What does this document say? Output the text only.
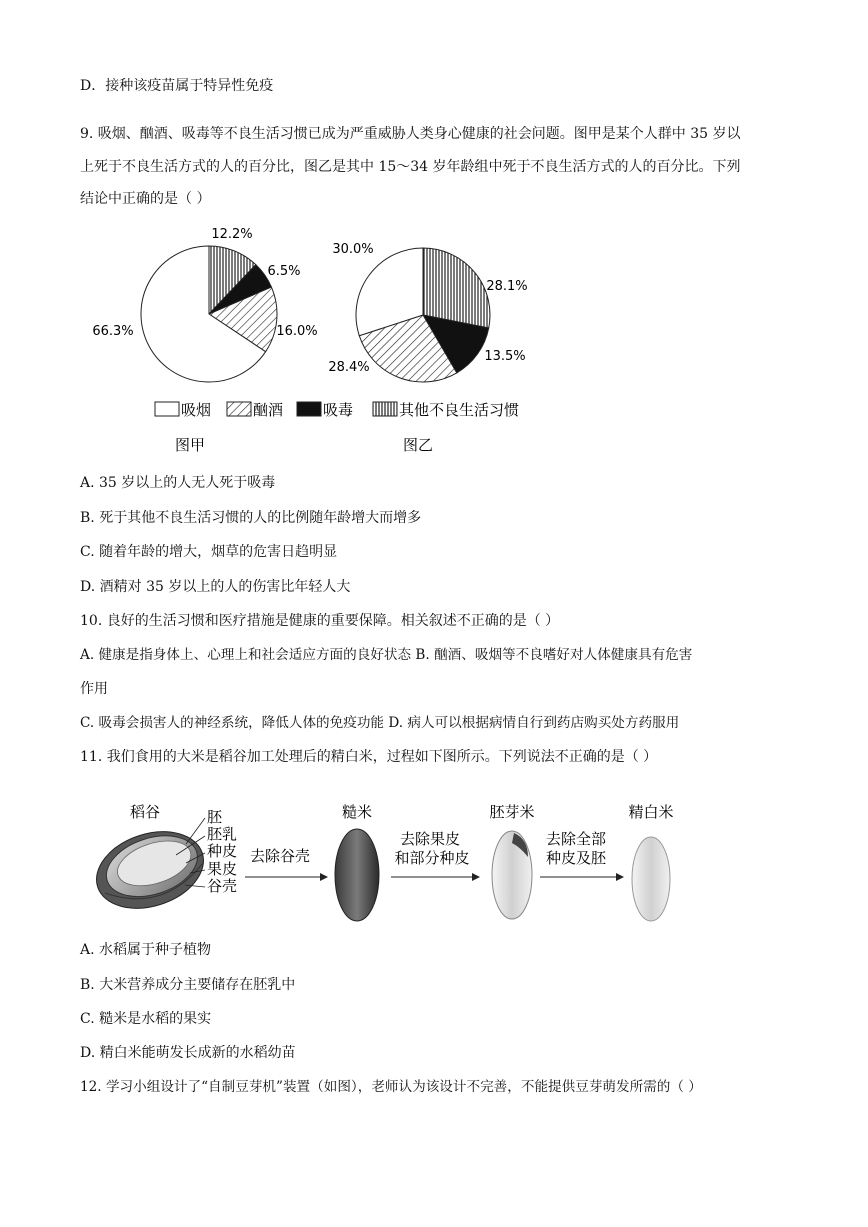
D．接种该疫苗属于特异性免疫
9. 吸烟、酗酒、吸毒等不良生活习惯已成为严重威胁人类身心健康的社会问题。图甲是某个人群中 35 岁以
上死于不良生活方式的人的百分比，图乙是其中 15～34 岁年龄组中死于不良生活方式的人的百分比。下列
结论中正确的是（ ）
66.3%	16.0%
6.5%
12.2%
30.0%
28.4%
13.5%
28.1%
吸烟	酗酒	吸毒	其他不良生活习惯
图甲	图乙
A. 35 岁以上的人无人死于吸毒
B. 死于其他不良生活习惯的人的比例随年龄增大而增多
C. 随着年龄的增大，烟草的危害日趋明显
D. 酒精对 35 岁以上的人的伤害比年轻人大
10. 良好的生活习惯和医疗措施是健康的重要保障。相关叙述不正确的是（ ）
A. 健康是指身体上、心理上和社会适应方面的良好状态 B. 酗酒、吸烟等不良嗜好对人体健康具有危害
作用
C. 吸毒会损害人的神经系统，降低人体的免疫功能 D. 病人可以根据病情自行到药店购买处方药服用
11. 我们食用的大米是稻谷加工处理后的精白米，过程如下图所示。下列说法不正确的是（ ）
稻谷	胚
胚乳
种皮
果皮
谷壳
去除谷壳
糙米
去除果皮
和部分种皮
胚芽米
去除全部
种皮及胚
精白米
A. 水稻属于种子植物
B. 大米营养成分主要储存在胚乳中
C. 糙米是水稻的果实
D. 精白米能萌发长成新的水稻幼苗
12. 学习小组设计了“自制豆芽机”装置（如图），老师认为该设计不完善，不能提供豆芽萌发所需的（ ）
